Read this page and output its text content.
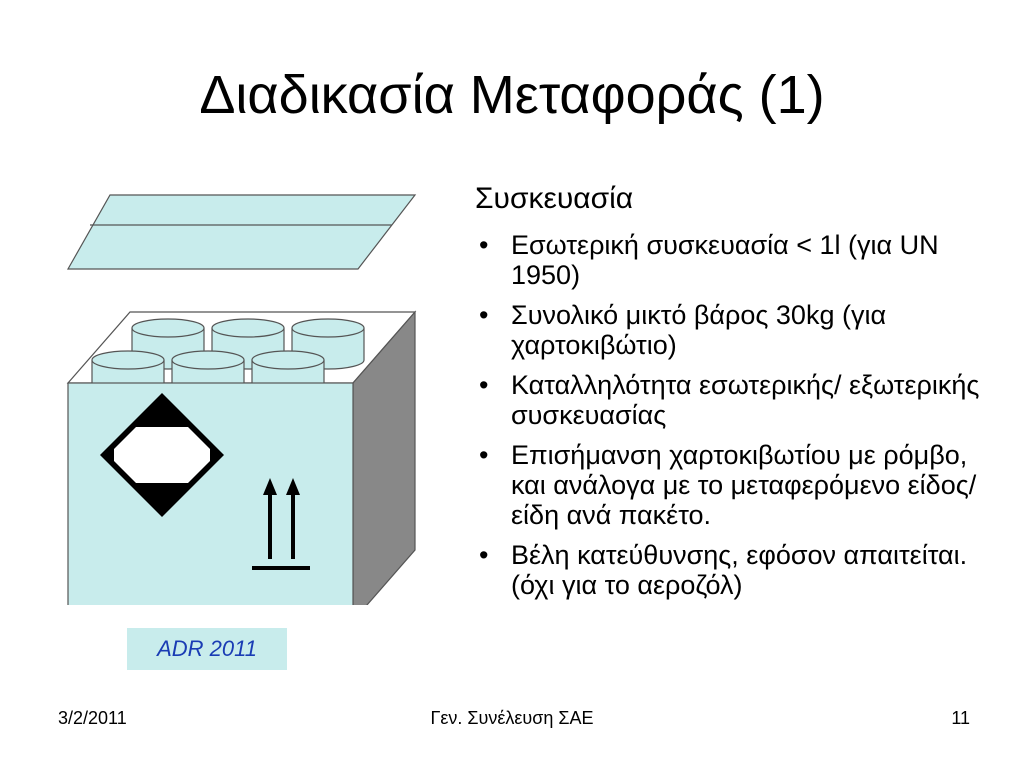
Διαδικασία Μεταφοράς (1)
ADR 2011
Συσκευασία
• Εσωτερική συσκευασία < 1l (για UN 1950)
• Συνολικό μικτό βάρος 30kg (για χαρτοκιβώτιο)
• Καταλληλότητα εσωτερικής/ εξωτερικής συσκευασίας
• Επισήμανση χαρτοκιβωτίου με ρόμβο, και ανάλογα με το μεταφερόμενο είδος/ είδη ανά πακέτο.
• Βέλη κατεύθυνσης, εφόσον απαιτείται. (όχι για το αεροζόλ)
3/2/2011	Γεν. Συνέλευση ΣΑΕ	11
